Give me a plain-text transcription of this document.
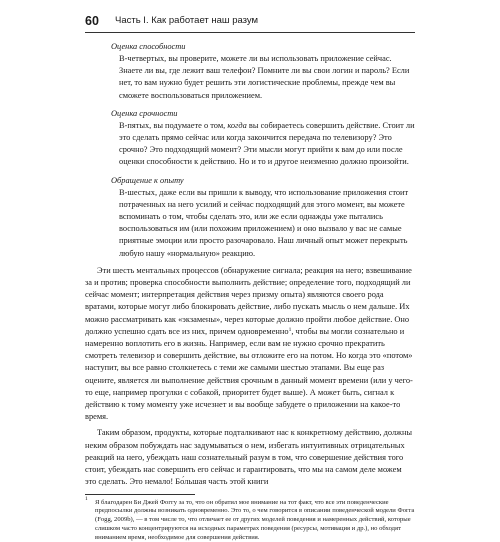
60 Часть I. Как работает наш разум
Оценка способности
В-четвертых, вы проверите, можете ли вы использовать приложение сейчас. Знаете ли вы, где лежит ваш телефон? Помните ли вы свои логин и пароль? Если нет, то вам нужно будет решить эти логистические проблемы, прежде чем вы сможете воспользоваться приложением.
Оценка срочности
В-пятых, вы подумаете о том, когда вы собираетесь совершить действие. Стоит ли это сделать прямо сейчас или когда закончится передача по телевизору? Это срочно? Это подходящий момент? Эти мысли могут прийти к вам до или после оценки способности к действию. Но и то и другое неизменно должно произойти.
Обращение к опыту
В-шестых, даже если вы пришли к выводу, что использование приложения стоит потраченных на него усилий и сейчас подходящий для этого момент, вы можете вспоминать о том, чтобы сделать это, или же если однажды уже пытались воспользоваться им (или похожим приложением) и оно вызвало у вас не самые приятные эмоции или просто разочаровало. Наш личный опыт может перекрыть любую нашу «нормальную» реакцию.

Эти шесть ментальных процессов (обнаружение сигнала; реакция на него; взвешивание за и против; проверка способности выполнить действие; определение того, подходящий ли сейчас момент; интерпретация действия через призму опыта) являются своего рода вратами, которые могут либо блокировать действие, либо пускать мысль о нем дальше. Их можно рассматривать как «экзамены», через которые должно пройти любое действие. Оно должно успешно сдать все из них, причем одновременно$^1$, чтобы вы могли сознательно и намеренно воплотить его в жизнь. Например, если вам не нужно срочно прекратить смотреть телевизор и совершить действие, вы отложите его на потом. Но когда это «потом» наступит, вы все равно столкнетесь с теми же самыми шестью этапами. Вы еще раз оцените, является ли выполнение действия срочным в данный момент времени (или у чего-то еще, например прогулки с собакой, приоритет будет выше). А может быть, сигнал к действию к тому моменту уже исчезнет и вы вообще забудете о приложении на какое-то время.

Таким образом, продукты, которые подталкивают нас к конкретному действию, должны неким образом побуждать нас задумываться о нем, избегать интуитивных отрицательных реакций на него, убеждать наш сознательный разум в том, что совершение действия того стоит, убеждать нас совершить его сейчас и гарантировать, что мы на самом деле можем это сделать. Это немало! Бо́льшая часть этой книги

1 Я благодарен Би Джей Фоггу за то, что он обратил мое внимание на тот факт, что все эти поведенческие предпосылки должны возникать одновременно. Это то, о чем говорится в описании поведенческой модели Фогга (Fogg, 2009b), — в том числе то, что отличает ее от других моделей поведения и намеренных действий, которые слишком часто концентрируются на исходных параметрах поведения (ресурсы, мотивация и др.), но обходят вниманием время, необходимое для совершения действия.
